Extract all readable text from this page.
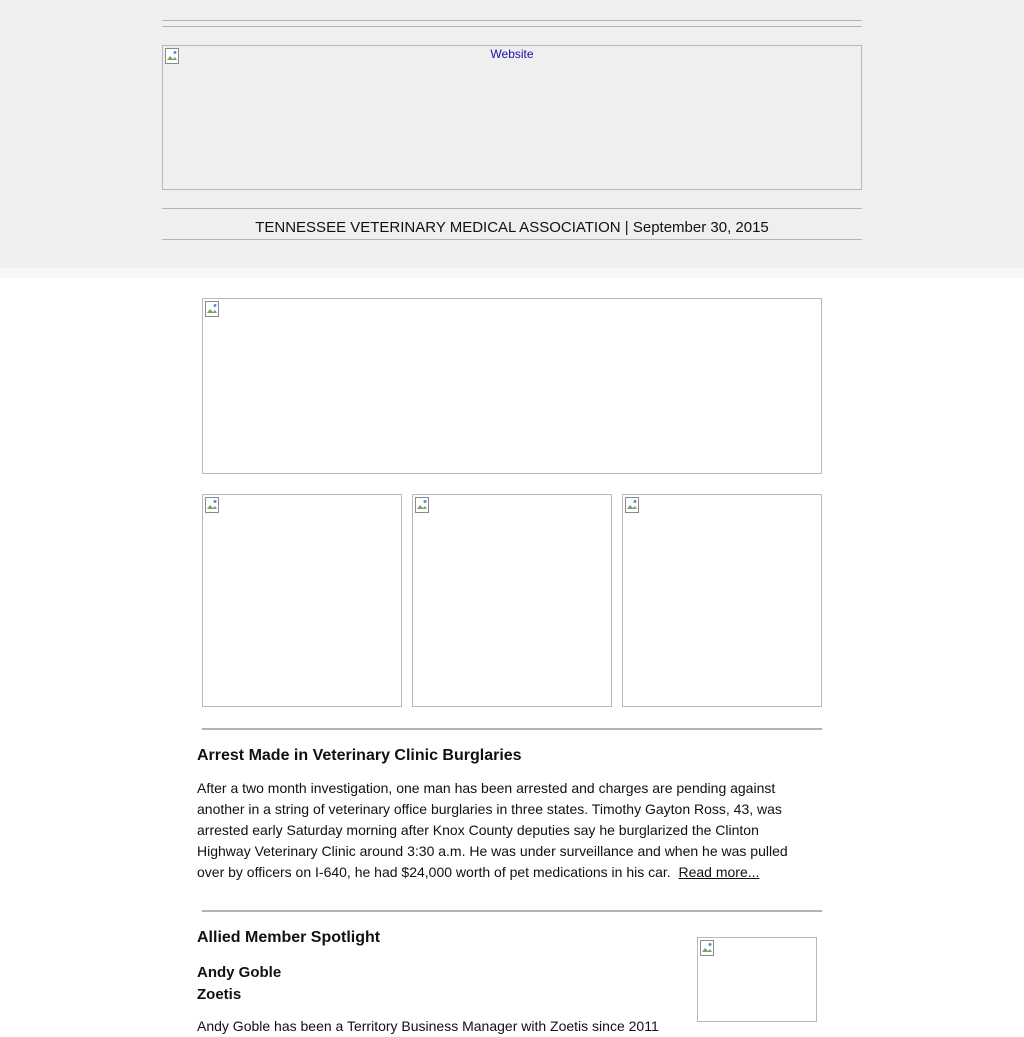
Website
TENNESSEE VETERINARY MEDICAL ASSOCIATION | September 30, 2015
Arrest Made in Veterinary Clinic Burglaries

After a two month investigation, one man has been arrested and charges are pending against another in a string of veterinary office burglaries in three states. Timothy Gayton Ross, 43, was arrested early Saturday morning after Knox County deputies say he burglarized the Clinton Highway Veterinary Clinic around 3:30 a.m. He was under surveillance and when he was pulled over by officers on I-640, he had $24,000 worth of pet medications in his car. Read more...

Allied Member Spotlight
Andy Goble
Zoetis
Andy Goble has been a Territory Business Manager with Zoetis since 2011
